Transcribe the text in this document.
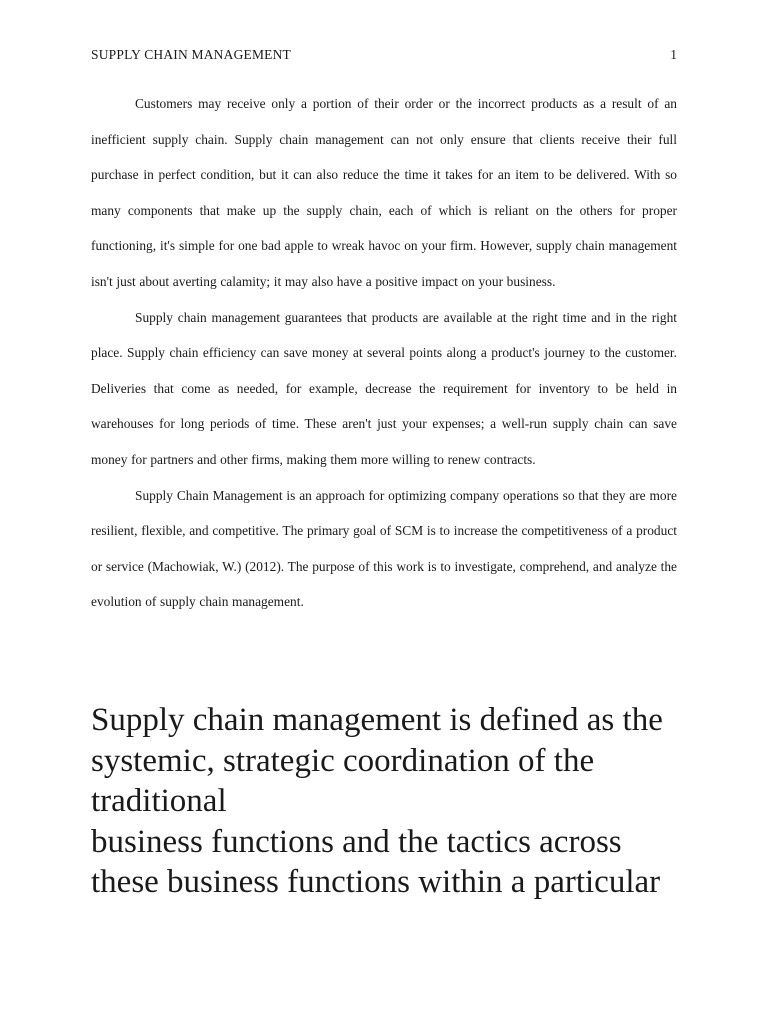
SUPPLY CHAIN MANAGEMENT	1

Customers may receive only a portion of their order or the incorrect products as a result of an inefficient supply chain. Supply chain management can not only ensure that clients receive their full purchase in perfect condition, but it can also reduce the time it takes for an item to be delivered. With so many components that make up the supply chain, each of which is reliant on the others for proper functioning, it's simple for one bad apple to wreak havoc on your firm. However, supply chain management isn't just about averting calamity; it may also have a positive impact on your business.

Supply chain management guarantees that products are available at the right time and in the right place. Supply chain efficiency can save money at several points along a product's journey to the customer. Deliveries that come as needed, for example, decrease the requirement for inventory to be held in warehouses for long periods of time. These aren't just your expenses; a well-run supply chain can save money for partners and other firms, making them more willing to renew contracts.

Supply Chain Management is an approach for optimizing company operations so that they are more resilient, flexible, and competitive. The primary goal of SCM is to increase the competitiveness of a product or service (Machowiak, W.) (2012). The purpose of this work is to investigate, comprehend, and analyze the evolution of supply chain management.

Supply chain management is defined as the
systemic, strategic coordination of the
traditional
business functions and the tactics across
these business functions within a particular
